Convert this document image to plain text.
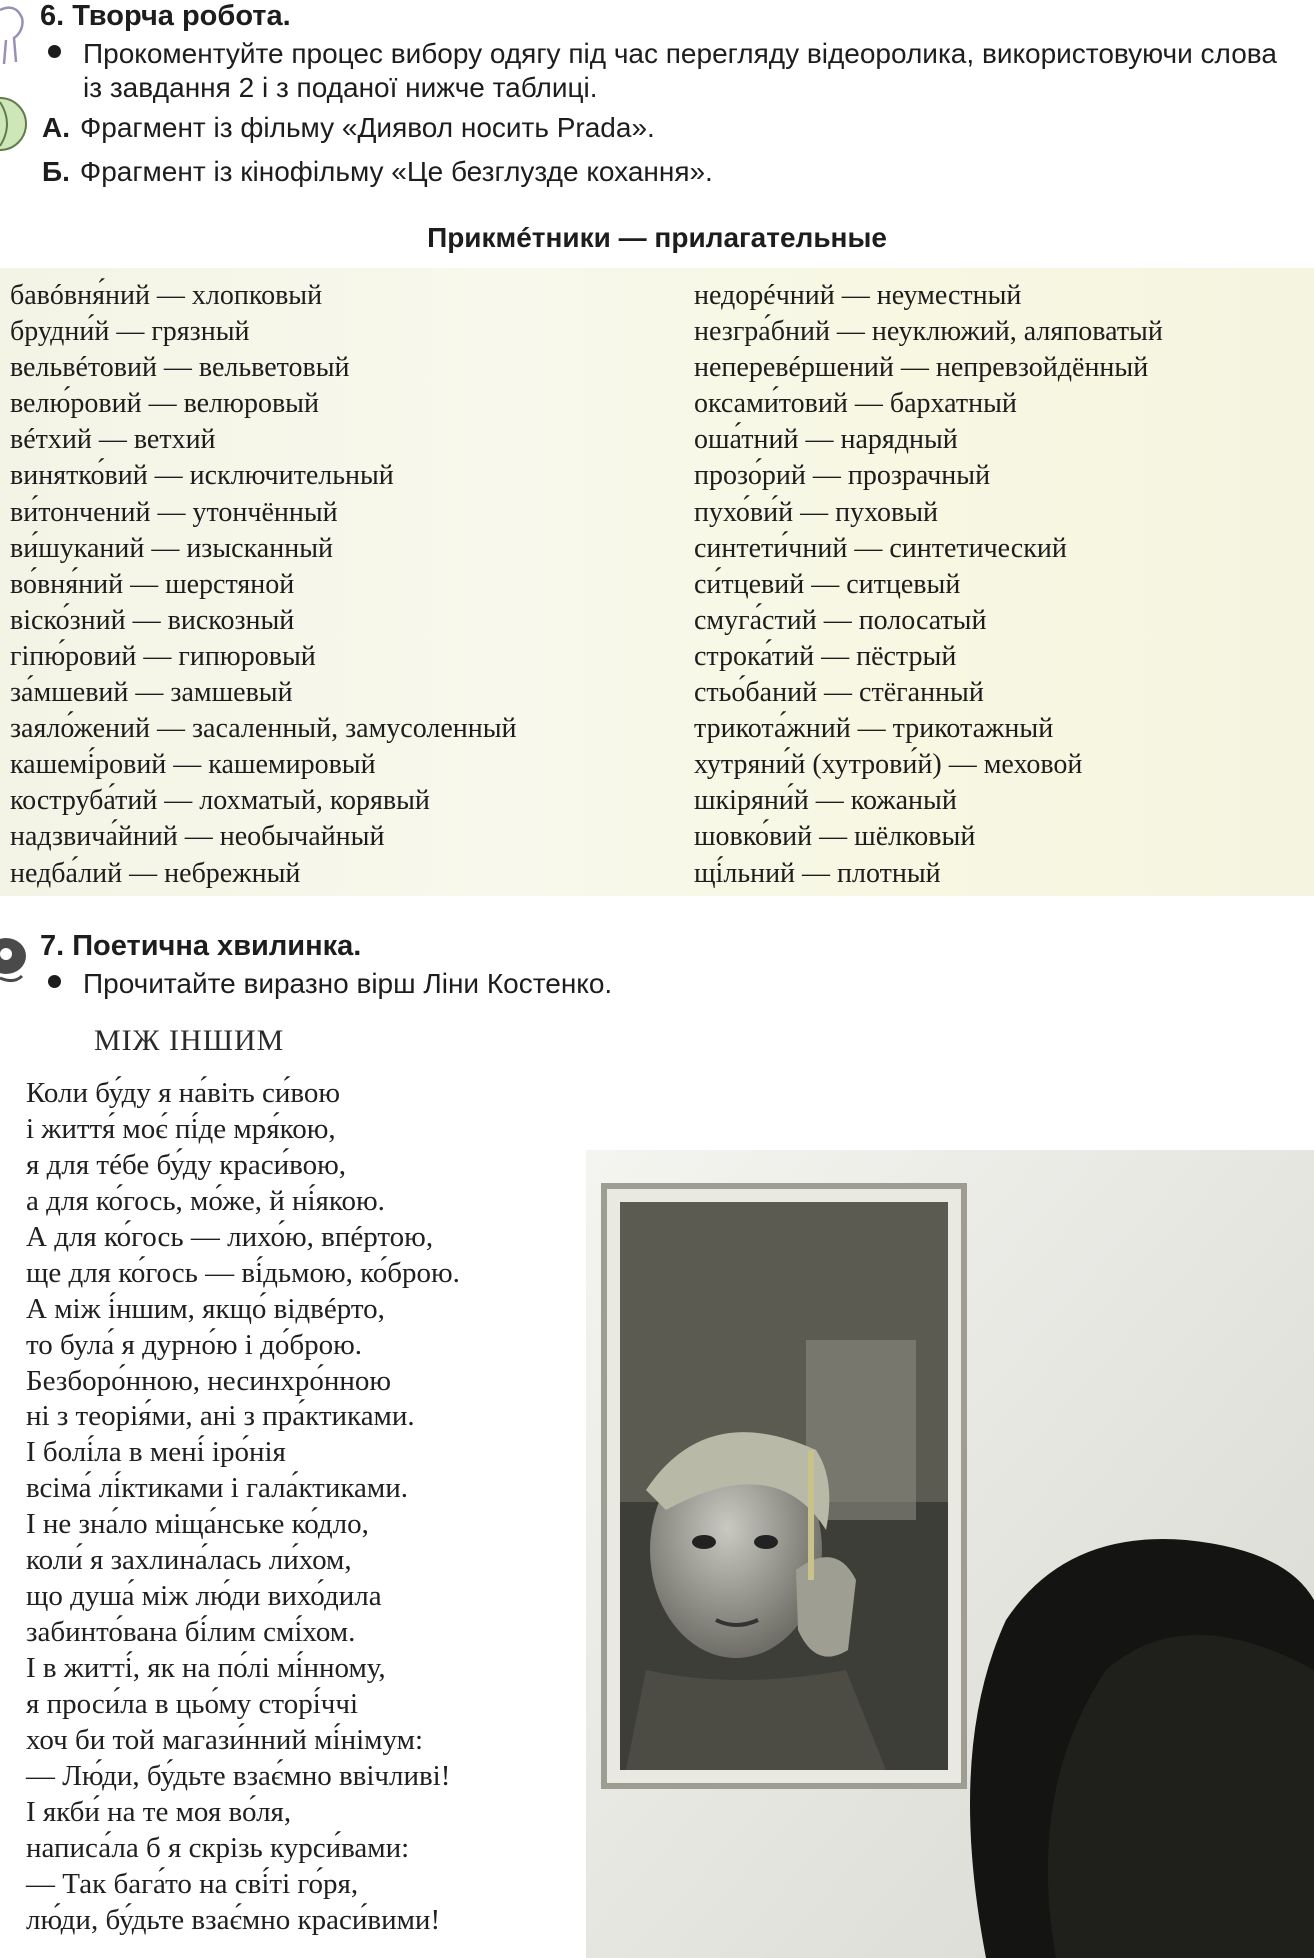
6. Творча робота.
Прокоментуйте процес вибору одягу під час перегляду відеоролика, використовуючи слова
із завдання 2 і з поданої нижче таблиці.
А. Фрагмент із фільму «Диявол носить Prada».
Б. Фрагмент із кінофільму «Це безглузде кохання».
Прикмéтники — прилагательные
бавóвня́ний — хлопковый
брудни́й — грязный
вельвéтовий — вельветовый
велю́ровий — велюровый
вéтхий — ветхий
винятко́вий — исключительный
ви́тончений — утончённый
ви́шуканий — изысканный
во́вня́ний — шерстяной
віско́зний — вискозный
гіпю́ровий — гипюровый
за́мшевий — замшевый
заяло́жений — засаленный, замусоленный
кашемі́ровий — кашемировый
коструба́тий — лохматый, корявый
надзвича́йний — необычайный
недба́лий — небрежный
недорéчний — неуместный
незгра́бний — неуклюжий, аляповатый
неперевéршений — непревзойдённый
оксами́товий — бархатный
оша́тний — нарядный
прозо́рий — прозрачный
пухо́ви́й — пуховый
синтети́чний — синтетический
си́тцевий — ситцевый
смуга́стий — полосатый
строка́тий — пёстрый
стьо́баний — стёганный
трикота́жний — трикотажный
хутряни́й (хутрови́й) — меховой
шкіряни́й — кожаный
шовко́вий — шёлковый
щі́льний — плотный
7. Поетична хвилинка.
Прочитайте виразно вірш Ліни Костенко.
МІЖ ІНШИМ
Коли бу́ду я на́віть си́вою
і життя́ моє́ пі́де мря́кою,
я для тéбе бу́ду краси́вою,
а для ко́гось, мо́же, й ні́якою.
А для ко́гось — лихо́ю, впéртою,
ще для ко́гось — ві́дьмою, ко́брою.
А між і́ншим, якщо́ відвéрто,
то була́ я дурно́ю і до́брою.
Безборо́нною, несинхро́нною
ні з теорія́ми, ані з пра́ктиками.
І болі́ла в мені́ іро́нія
всіма́ лі́ктиками і гала́ктиками.
І не зна́ло міща́нське ко́дло,
коли́ я захлина́лась ли́хом,
що душа́ між лю́ди вихо́дила
забинто́вана бі́лим смі́хом.
І в житті́, як на по́лі мі́нному,
я проси́ла в цьо́му сторі́ччі
хоч би той магази́нний мі́німум:
— Лю́ди, бу́дьте взає́мно ввічливі!
І якби́ на те моя во́ля,
написа́ла б я скрізь курси́вами:
— Так бага́то на сві́ті го́ря,
лю́ди, бу́дьте взає́мно краси́вими!
